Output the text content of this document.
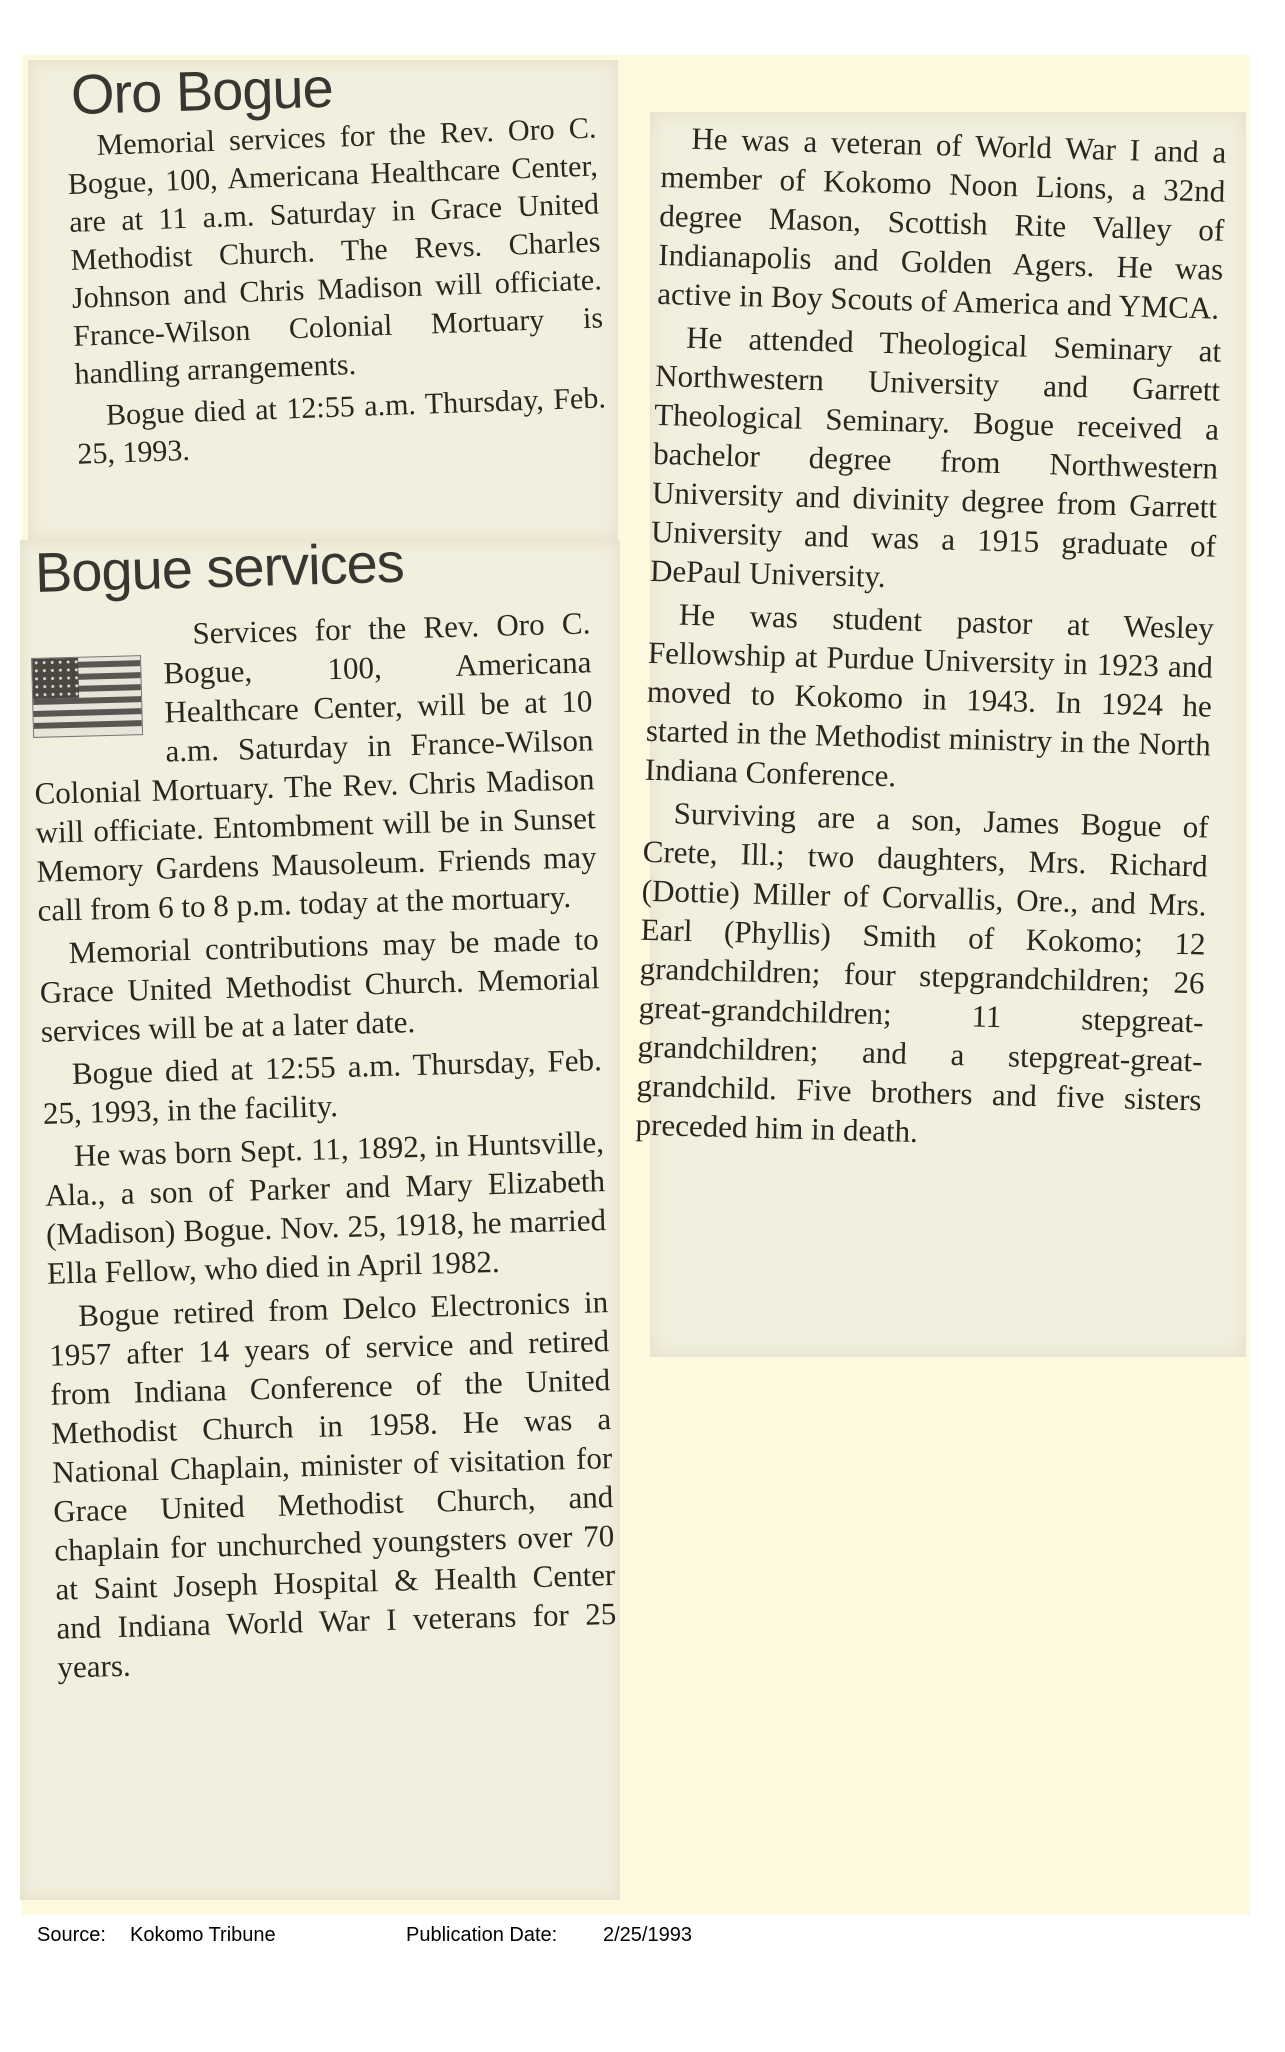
Oro Bogue

Memorial services for the Rev. Oro C. Bogue, 100, Americana Healthcare Center, are at 11 a.m. Saturday in Grace United Methodist Church. The Revs. Charles Johnson and Chris Madison will officiate. France-Wilson Colonial Mortuary is handling arrangements.

Bogue died at 12:55 a.m. Thursday, Feb. 25, 1993.

Bogue services

Services for the Rev. Oro C. Bogue, 100, Americana Healthcare Center, will be at 10 a.m. Saturday in France-Wilson Colonial Mortuary. The Rev. Chris Madison will officiate. Entombment will be in Sunset Memory Gardens Mausoleum. Friends may call from 6 to 8 p.m. today at the mortuary.

Memorial contributions may be made to Grace United Methodist Church. Memorial services will be at a later date.

Bogue died at 12:55 a.m. Thursday, Feb. 25, 1993, in the facility.

He was born Sept. 11, 1892, in Huntsville, Ala., a son of Parker and Mary Elizabeth (Madison) Bogue. Nov. 25, 1918, he married Ella Fellow, who died in April 1982.

Bogue retired from Delco Electronics in 1957 after 14 years of service and retired from Indiana Conference of the United Methodist Church in 1958. He was a National Chaplain, minister of visitation for Grace United Methodist Church, and chaplain for unchurched youngsters over 70 at Saint Joseph Hospital & Health Center and Indiana World War I veterans for 25 years.

He was a veteran of World War I and a member of Kokomo Noon Lions, a 32nd degree Mason, Scottish Rite Valley of Indianapolis and Golden Agers. He was active in Boy Scouts of America and YMCA.

He attended Theological Seminary at Northwestern University and Garrett Theological Seminary. Bogue received a bachelor degree from Northwestern University and divinity degree from Garrett University and was a 1915 graduate of DePaul University.

He was student pastor at Wesley Fellowship at Purdue University in 1923 and moved to Kokomo in 1943. In 1924 he started in the Methodist ministry in the North Indiana Conference.

Surviving are a son, James Bogue of Crete, Ill.; two daughters, Mrs. Richard (Dottie) Miller of Corvallis, Ore., and Mrs. Earl (Phyllis) Smith of Kokomo; 12 grandchildren; four stepgrandchildren; 26 great-grandchildren; 11 stepgreat-grandchildren; and a stepgreat-great-grandchild. Five brothers and five sisters preceded him in death.

Source: Kokomo Tribune	Publication Date: 2/25/1993
